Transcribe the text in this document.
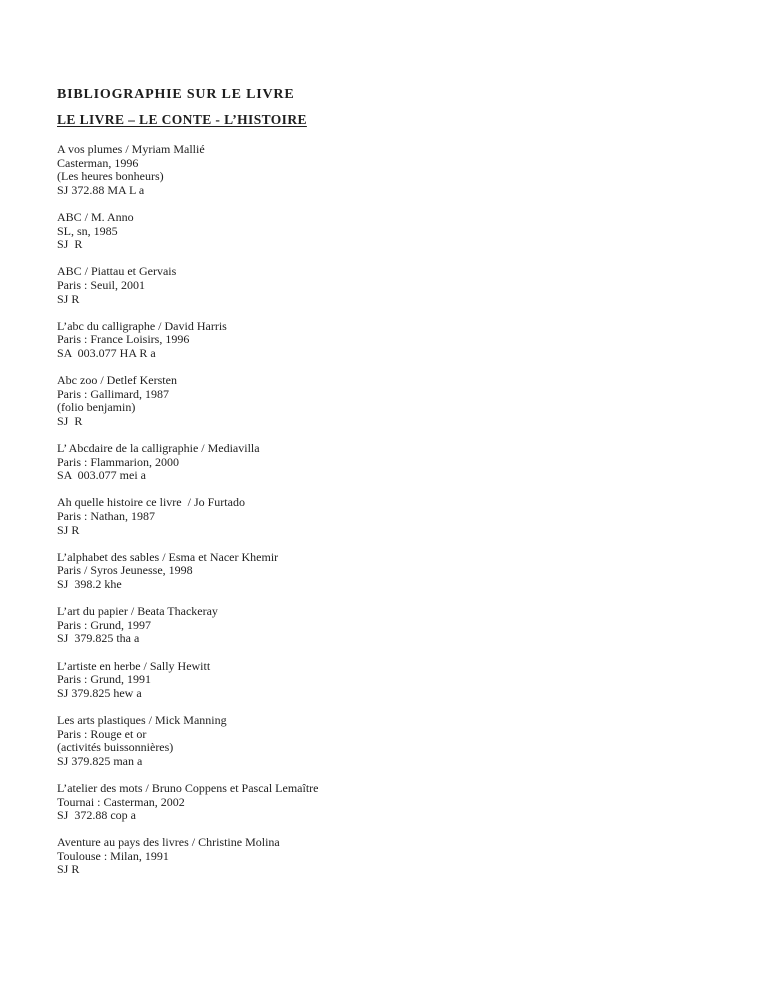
BIBLIOGRAPHIE SUR LE LIVRE
LE LIVRE – LE CONTE - L’HISTOIRE
A vos plumes / Myriam Mallié
Casterman, 1996
(Les heures bonheurs)
SJ 372.88 MA L a
ABC / M. Anno
SL, sn, 1985
SJ  R
ABC / Piattau et Gervais
Paris : Seuil, 2001
SJ R
L’abc du calligraphe / David Harris
Paris : France Loisirs, 1996
SA  003.077 HA R a
Abc zoo / Detlef Kersten
Paris : Gallimard, 1987
(folio benjamin)
SJ  R
L’ Abcdaire de la calligraphie / Mediavilla
Paris : Flammarion, 2000
SA  003.077 mei a
Ah quelle histoire ce livre  / Jo Furtado
Paris : Nathan, 1987
SJ R
L’alphabet des sables / Esma et Nacer Khemir
Paris / Syros Jeunesse, 1998
SJ  398.2 khe
L’art du papier / Beata Thackeray
Paris : Grund, 1997
SJ  379.825 tha a
L’artiste en herbe / Sally Hewitt
Paris : Grund, 1991
SJ 379.825 hew a
Les arts plastiques / Mick Manning
Paris : Rouge et or
(activités buissonnières)
SJ 379.825 man a
L’atelier des mots / Bruno Coppens et Pascal Lemaître
Tournai : Casterman, 2002
SJ  372.88 cop a
Aventure au pays des livres / Christine Molina
Toulouse : Milan, 1991
SJ R
